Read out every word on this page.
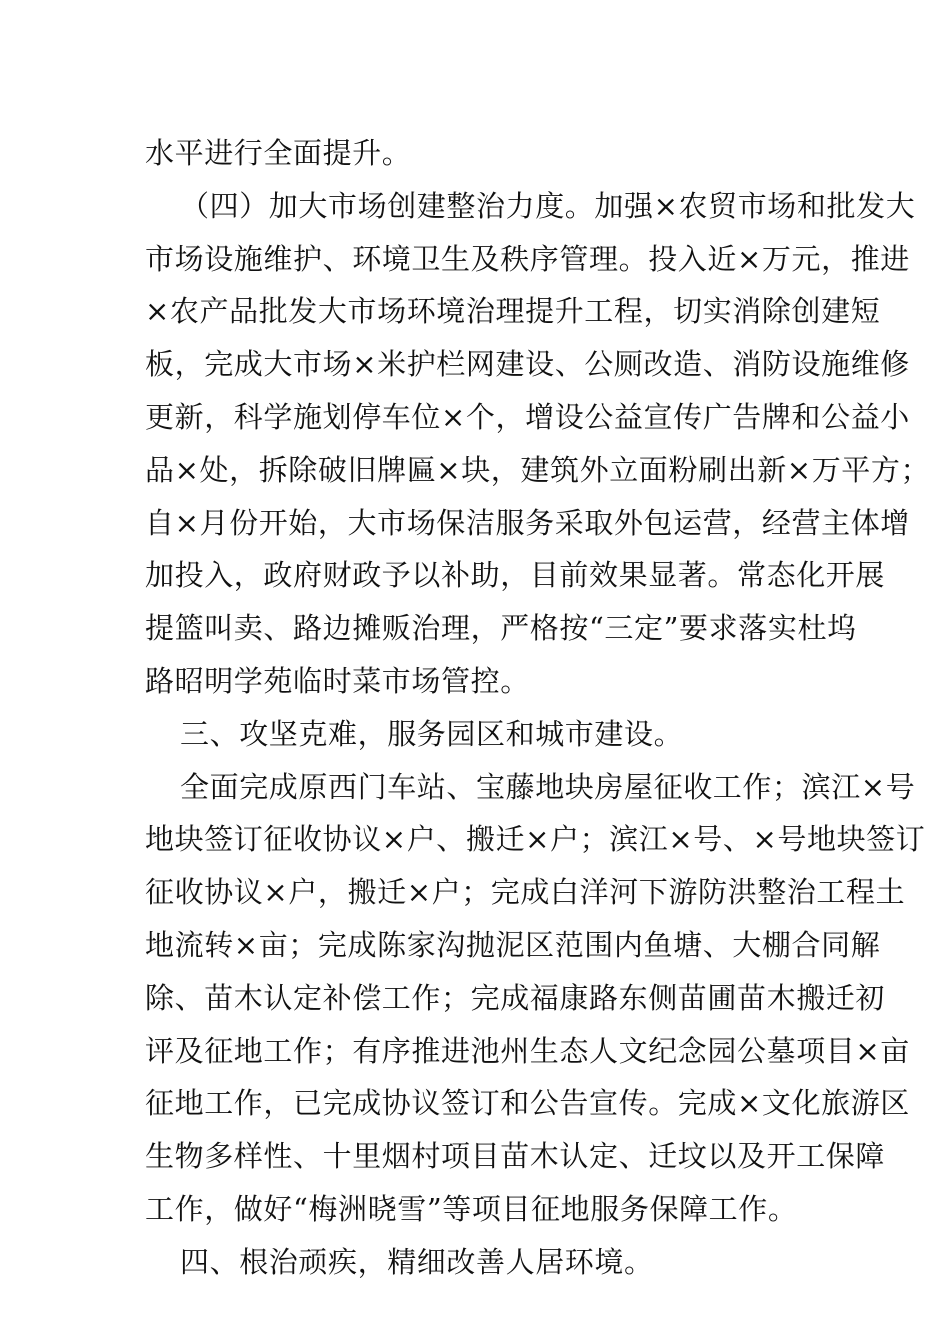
水平进行全面提升。
（四）加大市场创建整治力度。加强×农贸市场和批发大
市场设施维护、环境卫生及秩序管理。投入近×万元，推进
×农产品批发大市场环境治理提升工程，切实消除创建短
板，完成大市场×米护栏网建设、公厕改造、消防设施维修
更新，科学施划停车位×个，增设公益宣传广告牌和公益小
品×处，拆除破旧牌匾×块，建筑外立面粉刷出新×万平方；
自×月份开始，大市场保洁服务采取外包运营，经营主体增
加投入，政府财政予以补助，目前效果显著。常态化开展
提篮叫卖、路边摊贩治理，严格按“三定”要求落实杜坞
路昭明学苑临时菜市场管控。
三、攻坚克难，服务园区和城市建设。
全面完成原西门车站、宝藤地块房屋征收工作；滨江×号
地块签订征收协议×户、搬迁×户；滨江×号、×号地块签订
征收协议×户，搬迁×户；完成白洋河下游防洪整治工程土
地流转×亩；完成陈家沟抛泥区范围内鱼塘、大棚合同解
除、苗木认定补偿工作；完成福康路东侧苗圃苗木搬迁初
评及征地工作；有序推进池州生态人文纪念园公墓项目×亩
征地工作，已完成协议签订和公告宣传。完成×文化旅游区
生物多样性、十里烟村项目苗木认定、迁坟以及开工保障
工作，做好“梅洲晓雪”等项目征地服务保障工作。
四、根治顽疾，精细改善人居环境。
